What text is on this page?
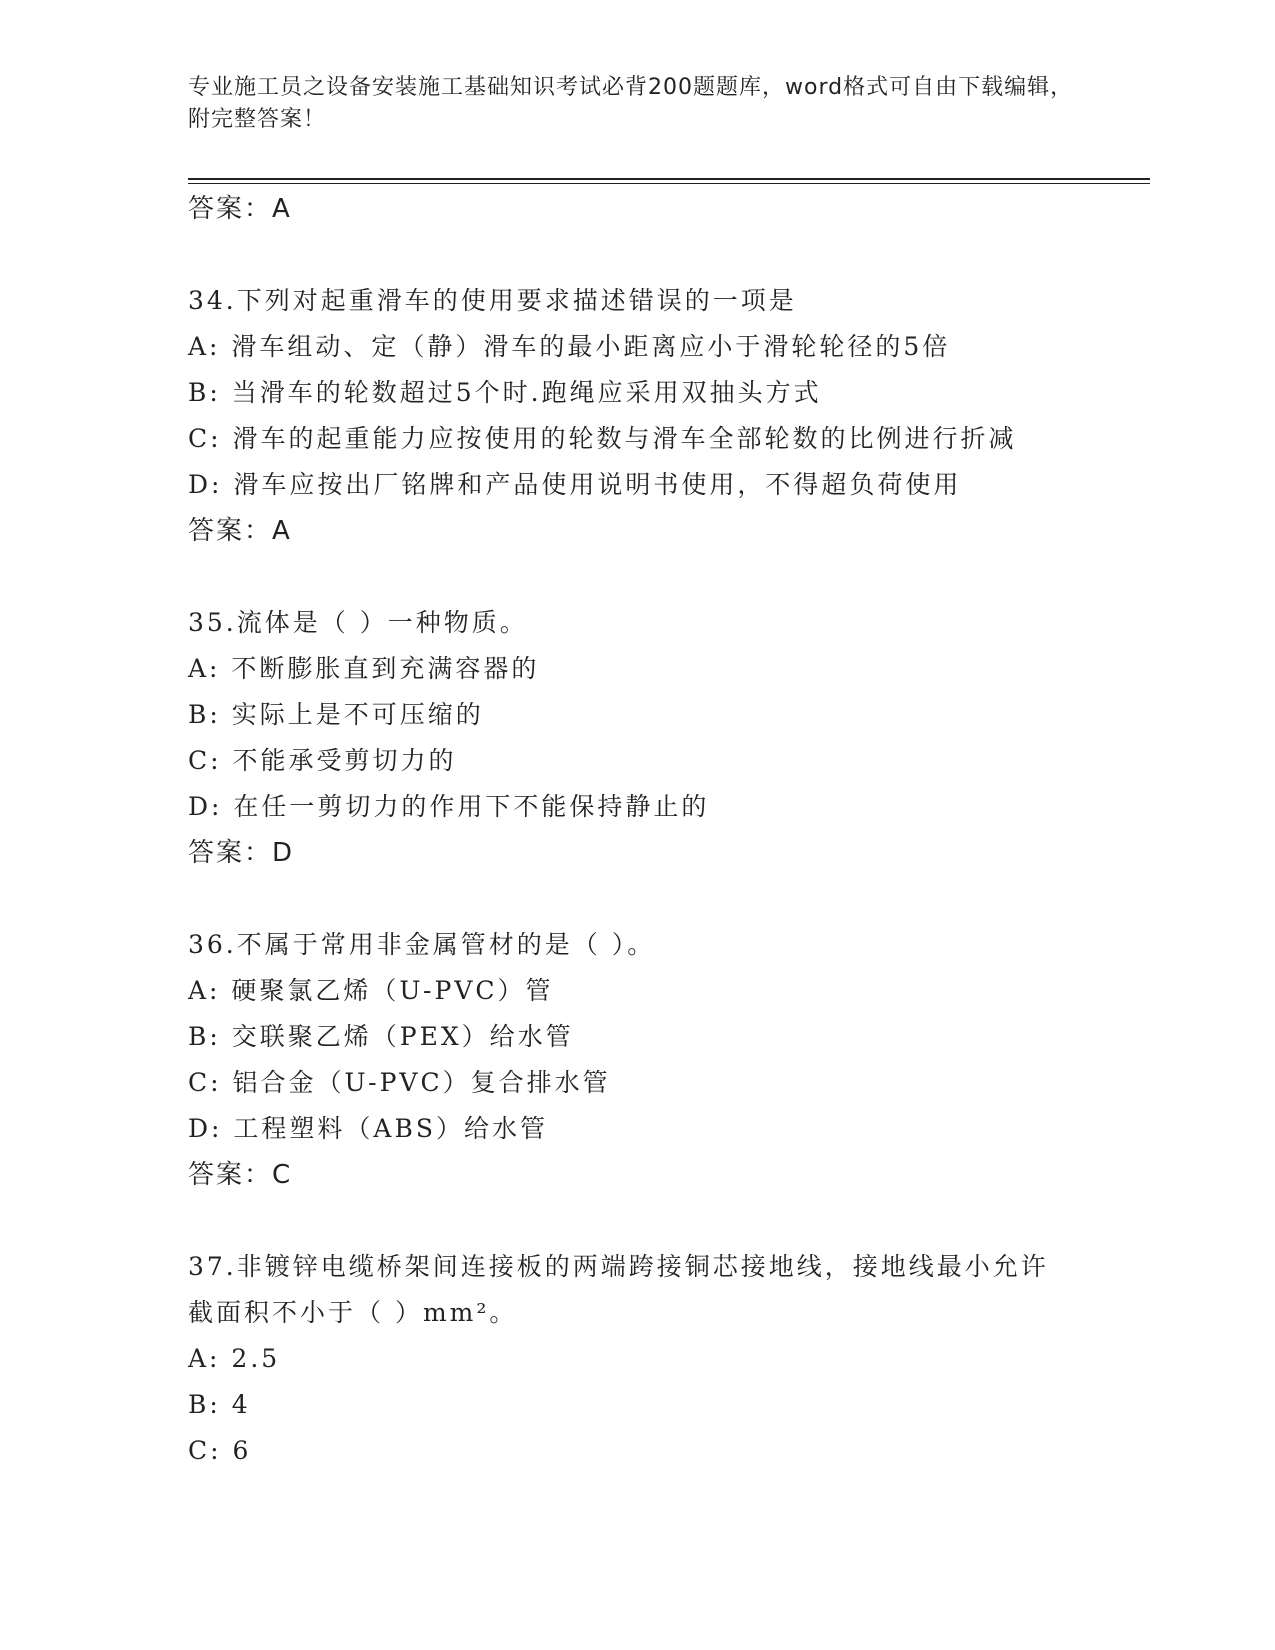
专业施工员之设备安装施工基础知识考试必背200题题库，word格式可自由下载编辑，附完整答案！
答案：A
34.下列对起重滑车的使用要求描述错误的一项是
A: 滑车组动、定（静）滑车的最小距离应小于滑轮轮径的5倍
B: 当滑车的轮数超过5个时.跑绳应采用双抽头方式
C: 滑车的起重能力应按使用的轮数与滑车全部轮数的比例进行折减
D: 滑车应按出厂铭牌和产品使用说明书使用，不得超负荷使用
答案：A
35.流体是（ ）一种物质。
A: 不断膨胀直到充满容器的
B: 实际上是不可压缩的
C: 不能承受剪切力的
D: 在任一剪切力的作用下不能保持静止的
答案：D
36.不属于常用非金属管材的是（ ）。
A: 硬聚氯乙烯（U-PVC）管
B: 交联聚乙烯（PEX）给水管
C: 铝合金（U-PVC）复合排水管
D: 工程塑料（ABS）给水管
答案：C
37.非镀锌电缆桥架间连接板的两端跨接铜芯接地线，接地线最小允许截面积不小于（ ）mm²。
A: 2.5
B: 4
C: 6
